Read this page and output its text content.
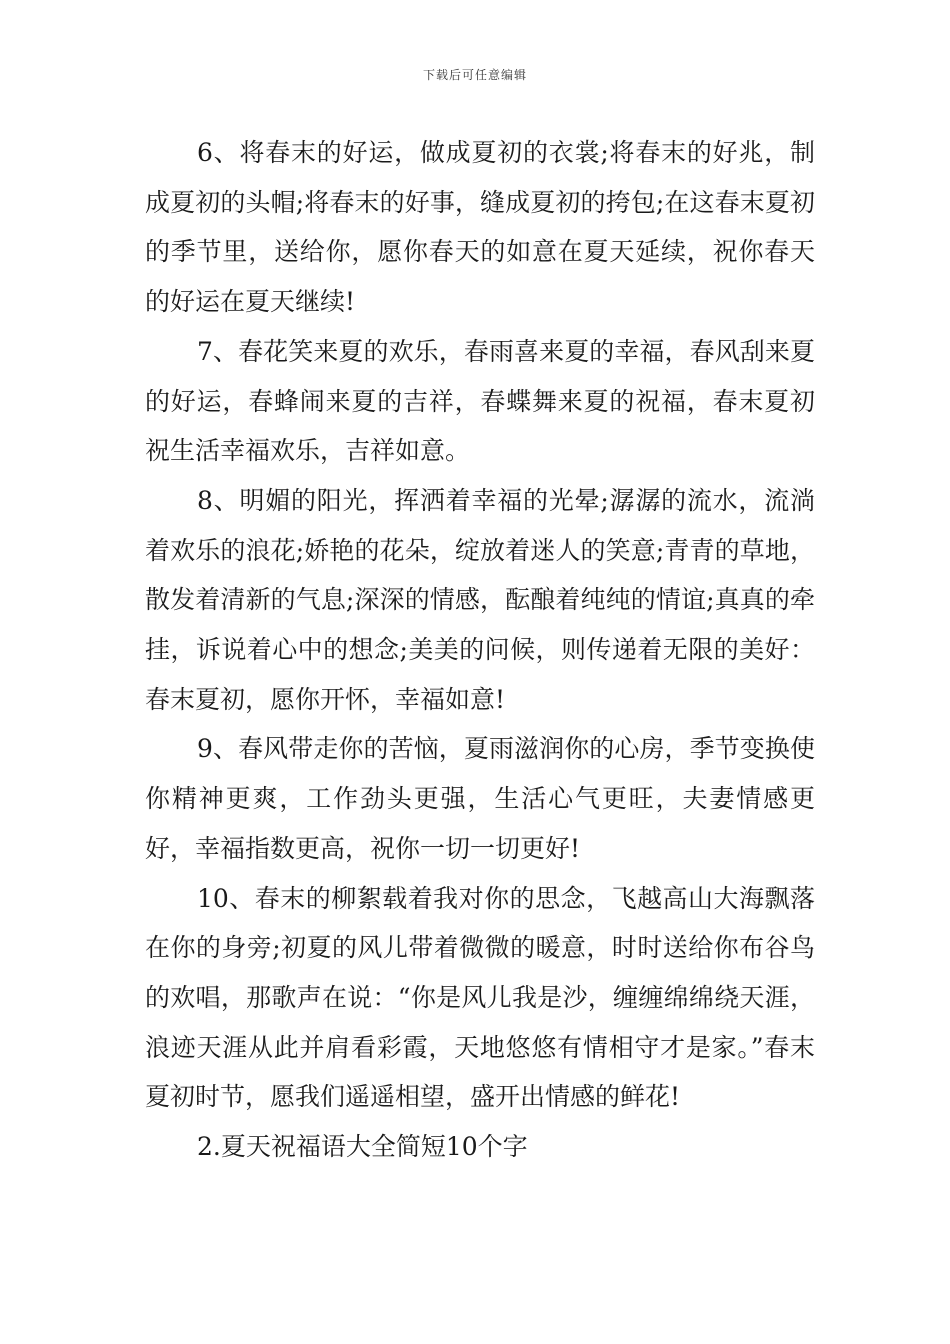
下载后可任意编辑

6、将春末的好运，做成夏初的衣裳;将春末的好兆，制成夏初的头帽;将春末的好事，缝成夏初的挎包;在这春末夏初的季节里，送给你，愿你春天的如意在夏天延续，祝你春天的好运在夏天继续!

7、春花笑来夏的欢乐，春雨喜来夏的幸福，春风刮来夏的好运，春蜂闹来夏的吉祥，春蝶舞来夏的祝福，春末夏初祝生活幸福欢乐，吉祥如意。

8、明媚的阳光，挥洒着幸福的光晕;潺潺的流水，流淌着欢乐的浪花;娇艳的花朵，绽放着迷人的笑意;青青的草地，散发着清新的气息;深深的情感，酝酿着纯纯的情谊;真真的牵挂，诉说着心中的想念;美美的问候，则传递着无限的美好：春末夏初，愿你开怀，幸福如意!

9、春风带走你的苦恼，夏雨滋润你的心房，季节变换使你精神更爽，工作劲头更强，生活心气更旺，夫妻情感更好，幸福指数更高，祝你一切一切更好!

10、春末的柳絮载着我对你的思念，飞越高山大海飘落在你的身旁;初夏的风儿带着微微的暖意，时时送给你布谷鸟的欢唱，那歌声在说：“你是风儿我是沙，缠缠绵绵绕天涯，浪迹天涯从此并肩看彩霞，天地悠悠有情相守才是家。”春末夏初时节，愿我们遥遥相望，盛开出情感的鲜花!

2.夏天祝福语大全简短10个字
